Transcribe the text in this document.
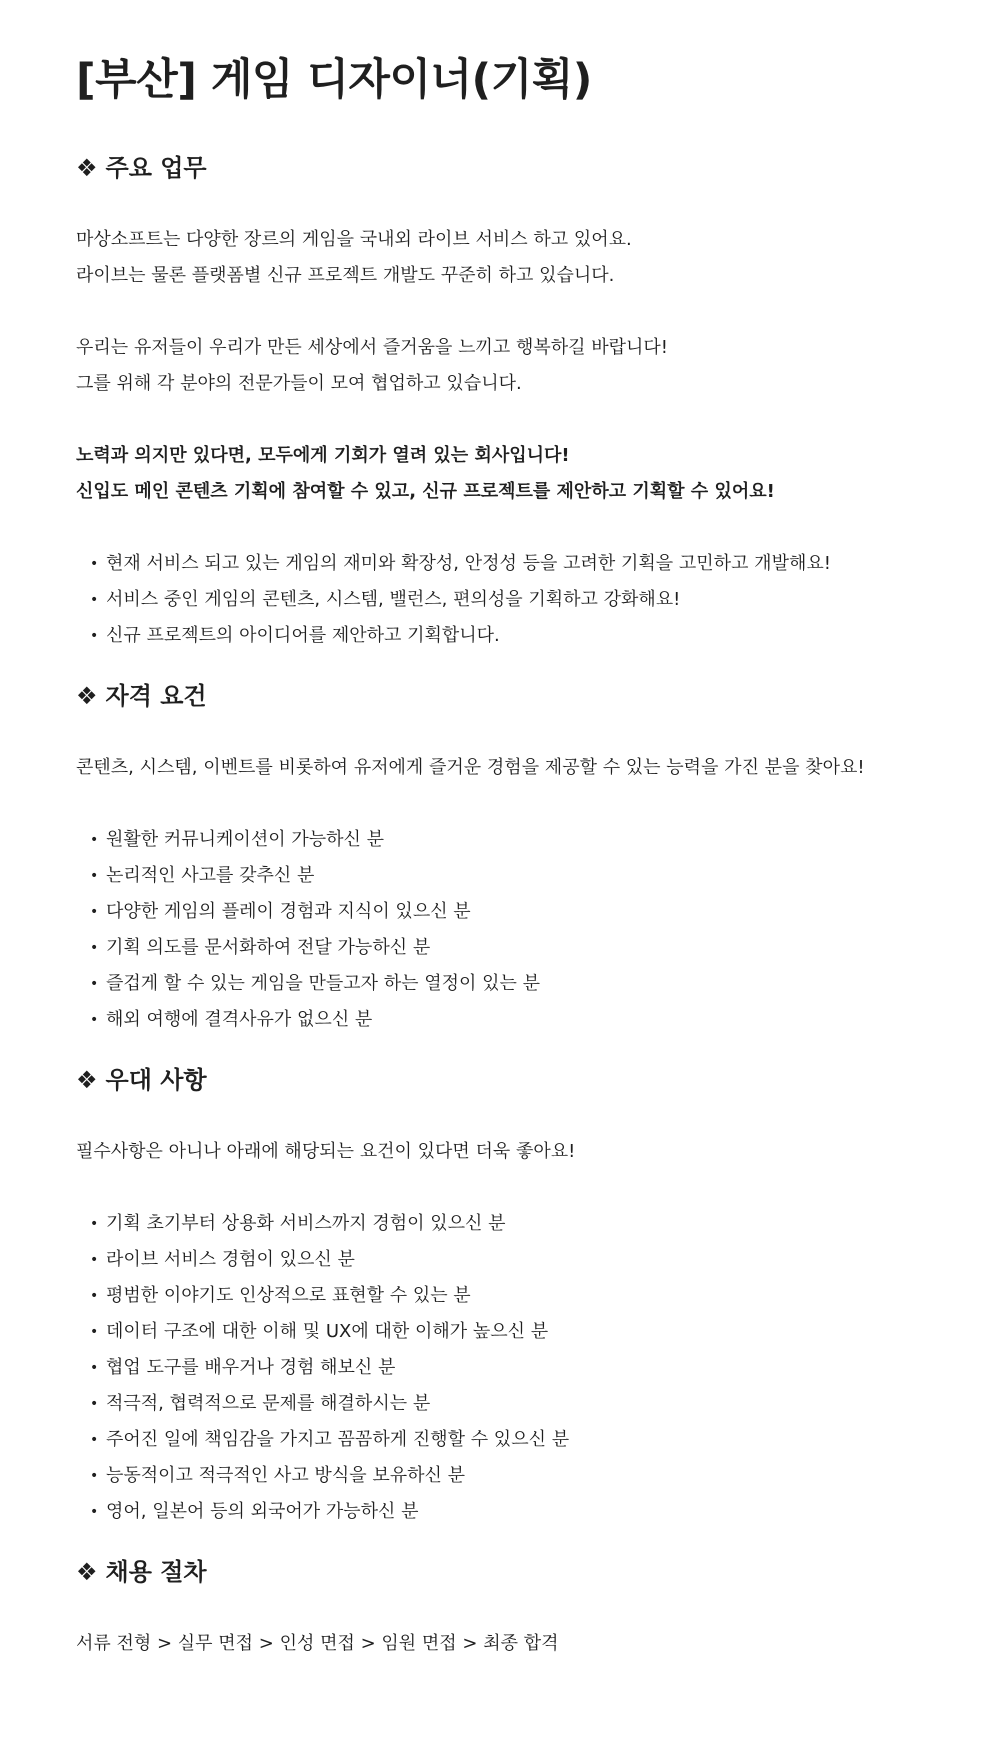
[부산] 게임 디자이너(기획)
❖ 주요 업무

마상소프트는 다양한 장르의 게임을 국내외 라이브 서비스 하고 있어요.

라이브는 물론 플랫폼별 신규 프로젝트 개발도 꾸준히 하고 있습니다.

우리는 유저들이 우리가 만든 세상에서 즐거움을 느끼고 행복하길 바랍니다!

그를 위해 각 분야의 전문가들이 모여 협업하고 있습니다.

노력과 의지만 있다면, 모두에게 기회가 열려 있는 회사입니다!

신입도 메인 콘텐츠 기획에 참여할 수 있고, 신규 프로젝트를 제안하고 기획할 수 있어요!

• 현재 서비스 되고 있는 게임의 재미와 확장성, 안정성 등을 고려한 기획을 고민하고 개발해요!
• 서비스 중인 게임의 콘텐츠, 시스템, 밸런스, 편의성을 기획하고 강화해요!
• 신규 프로젝트의 아이디어를 제안하고 기획합니다.
❖ 자격 요건

콘텐츠, 시스템, 이벤트를 비롯하여 유저에게 즐거운 경험을 제공할 수 있는 능력을 가진 분을 찾아요!

• 원활한 커뮤니케이션이 가능하신 분
• 논리적인 사고를 갖추신 분
• 다양한 게임의 플레이 경험과 지식이 있으신 분
• 기획 의도를 문서화하여 전달 가능하신 분
• 즐겁게 할 수 있는 게임을 만들고자 하는 열정이 있는 분
• 해외 여행에 결격사유가 없으신 분
❖ 우대 사항

필수사항은 아니나 아래에 해당되는 요건이 있다면 더욱 좋아요!

• 기획 초기부터 상용화 서비스까지 경험이 있으신 분
• 라이브 서비스 경험이 있으신 분
• 평범한 이야기도 인상적으로 표현할 수 있는 분
• 데이터 구조에 대한 이해 및 UX에 대한 이해가 높으신 분
• 협업 도구를 배우거나 경험 해보신 분
• 적극적, 협력적으로 문제를 해결하시는 분
• 주어진 일에 책임감을 가지고 꼼꼼하게 진행할 수 있으신 분
• 능동적이고 적극적인 사고 방식을 보유하신 분
• 영어, 일본어 등의 외국어가 가능하신 분
❖ 채용 절차

서류 전형 > 실무 면접 > 인성 면접 > 임원 면접 > 최종 합격
